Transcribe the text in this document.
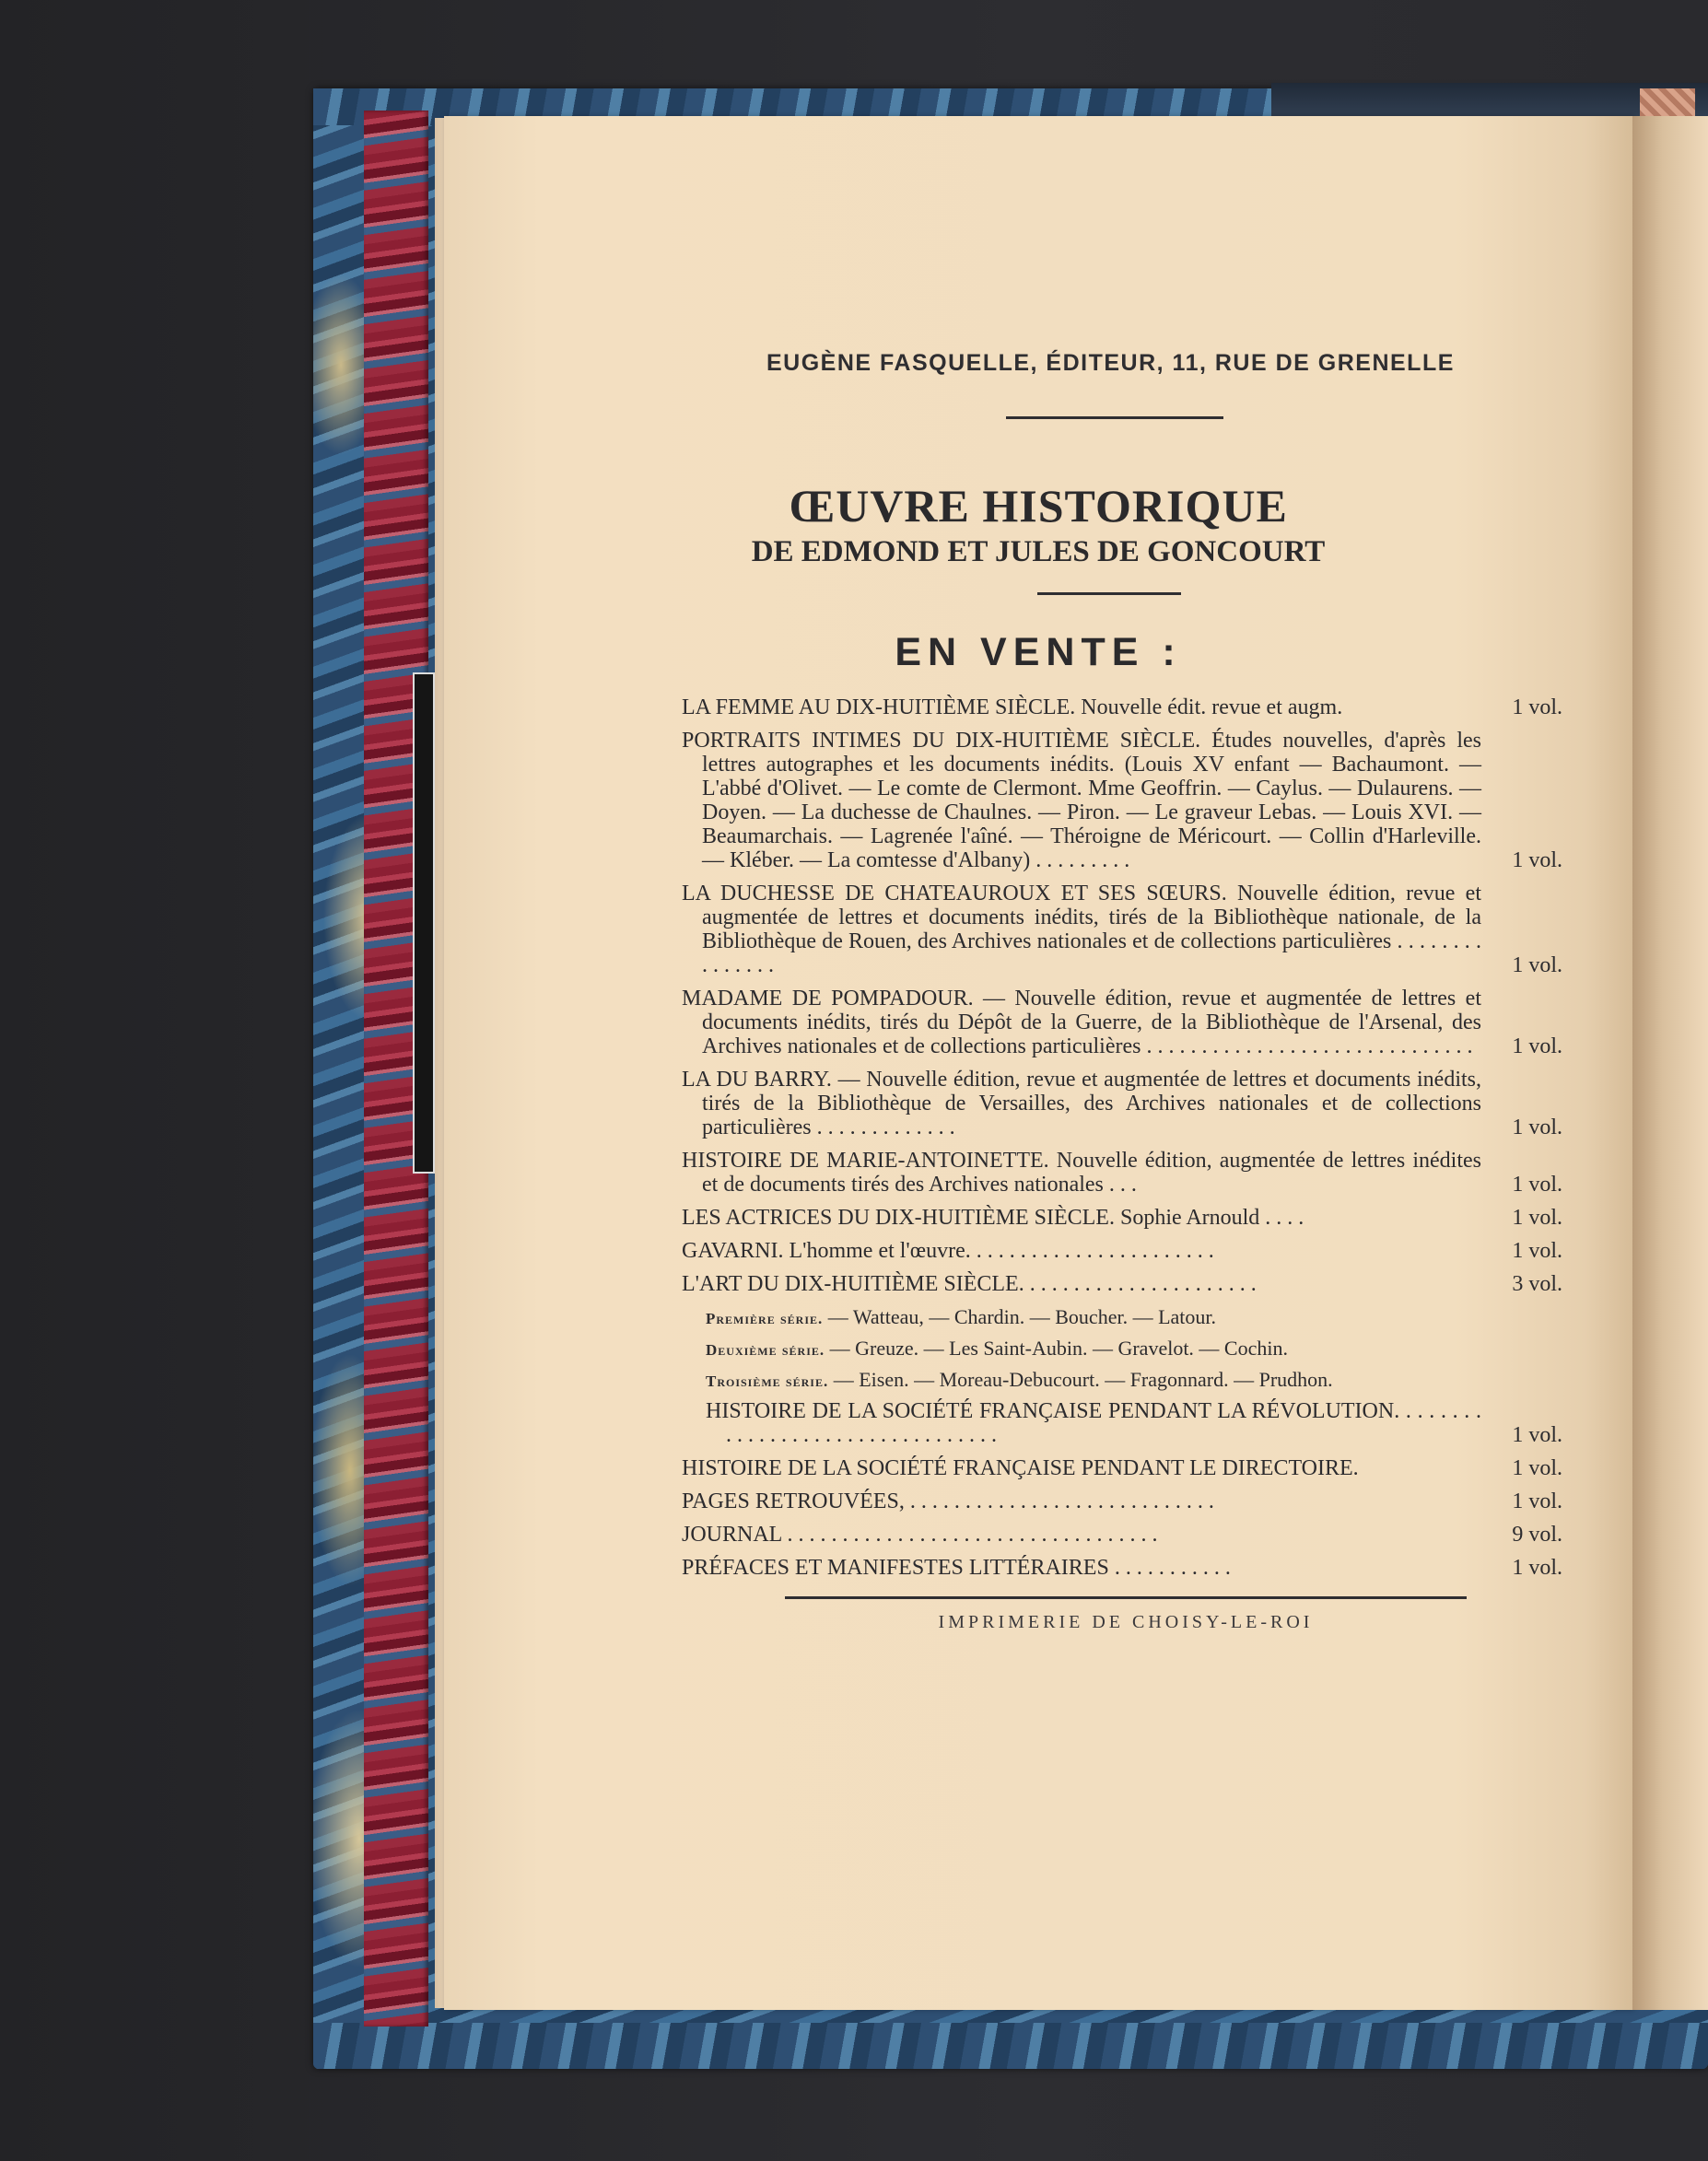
EUGÈNE FASQUELLE, ÉDITEUR, 11, RUE DE GRENELLE
ŒUVRE HISTORIQUE
DE EDMOND ET JULES DE GONCOURT
EN VENTE :
LA FEMME AU DIX-HUITIÈME SIÈCLE. Nouvelle édit. revue et augm.	1 vol.
PORTRAITS INTIMES DU DIX-HUITIÈME SIÈCLE. Études nouvelles, d'après les lettres autographes et les documents inédits. (Louis XV enfant — Bachaumont. — L'abbé d'Olivet. — Le comte de Clermont. Mme Geoffrin. — Caylus. — Dulaurens. — Doyen. — La duchesse de Chaulnes. — Piron. — Le graveur Lebas. — Louis XVI. — Beaumarchais. — Lagrenée l'aîné. — Théroigne de Méricourt. — Collin d'Harleville. — Kléber. — La comtesse d'Albany) . . . . . . . . .	1 vol.
LA DUCHESSE DE CHATEAUROUX ET SES SŒURS. Nouvelle édition, revue et augmentée de lettres et documents inédits, tirés de la Bibliothèque nationale, de la Bibliothèque de Rouen, des Archives nationales et de collections particulières . . . . . . . . . . . . . . .	1 vol.
MADAME DE POMPADOUR. — Nouvelle édition, revue et augmentée de lettres et documents inédits, tirés du Dépôt de la Guerre, de la Bibliothèque de l'Arsenal, des Archives nationales et de collections particulières . . . . . . . . . . . . . . . . . . . . . . . . . . . . . .	1 vol.
LA DU BARRY. — Nouvelle édition, revue et augmentée de lettres et documents inédits, tirés de la Bibliothèque de Versailles, des Archives nationales et de collections particulières . . . . . . . . . . . . .	1 vol.
HISTOIRE DE MARIE-ANTOINETTE. Nouvelle édition, augmentée de lettres inédites et de documents tirés des Archives nationales . . .	1 vol.
LES ACTRICES DU DIX-HUITIÈME SIÈCLE. Sophie Arnould . . . .	1 vol.
GAVARNI. L'homme et l'œuvre. . . . . . . . . . . . . . . . . . . . . . .	1 vol.
L'ART DU DIX-HUITIÈME SIÈCLE. . . . . . . . . . . . . . . . . . . . . .	3 vol.
Première série. — Watteau, — Chardin. — Boucher. — Latour.
Deuxième série. — Greuze. — Les Saint-Aubin. — Gravelot. — Cochin.
Troisième série. — Eisen. — Moreau-Debucourt. — Fragonnard. — Prudhon.
HISTOIRE DE LA SOCIÉTÉ FRANÇAISE PENDANT LA RÉVOLUTION. . . . . . . . . . . . . . . . . . . . . . . . . . . . . . . . .	1 vol.
HISTOIRE DE LA SOCIÉTÉ FRANÇAISE PENDANT LE DIRECTOIRE.	1 vol.
PAGES RETROUVÉES, . . . . . . . . . . . . . . . . . . . . . . . . . . . .	1 vol.
JOURNAL . . . . . . . . . . . . . . . . . . . . . . . . . . . . . . . . . .	9 vol.
PRÉFACES ET MANIFESTES LITTÉRAIRES . . . . . . . . . . .	1 vol.
IMPRIMERIE DE CHOISY-LE-ROI
